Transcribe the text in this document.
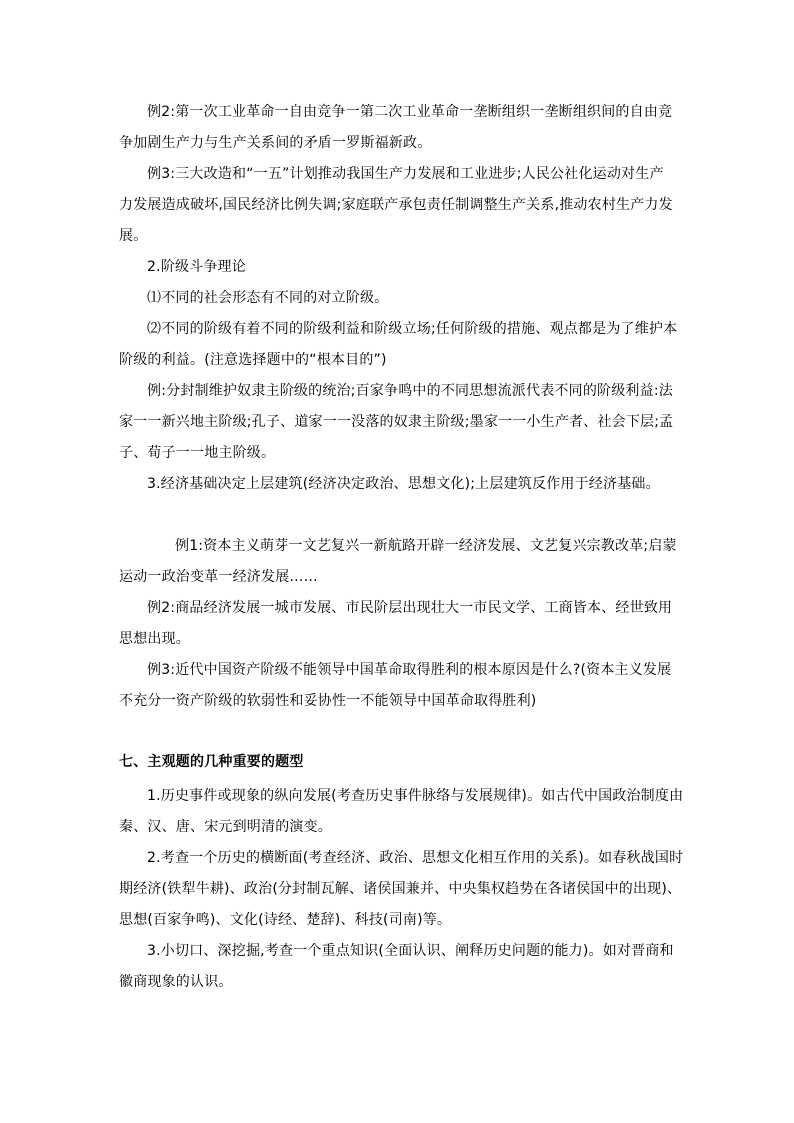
例2:第一次工业革命一自由竞争一第二次工业革命一垄断组织一垄断组织间的自由竞
争加剧生产力与生产关系间的矛盾一罗斯福新政。
例3:三大改造和“一五”计划推动我国生产力发展和工业进步;人民公社化运动对生产
力发展造成破坏,国民经济比例失调;家庭联产承包责任制调整生产关系,推动农村生产力发
展。
2.阶级斗争理论
⑴不同的社会形态有不同的对立阶级。
⑵不同的阶级有着不同的阶级利益和阶级立场;任何阶级的措施、观点都是为了维护本
阶级的利益。(注意选择题中的“根本目的”)
例:分封制维护奴隶主阶级的统治;百家争鸣中的不同思想流派代表不同的阶级利益:法
家一一新兴地主阶级;孔子、道家一一没落的奴隶主阶级;墨家一一小生产者、社会下层;孟
子、荀子一一地主阶级。
3.经济基础决定上层建筑(经济决定政治、思想文化);上层建筑反作用于经济基础。
例1:资本主义萌芽一文艺复兴一新航路开辟一经济发展、文艺复兴宗教改革;启蒙
运动一政治变革一经济发展……
例2:商品经济发展一城市发展、市民阶层出现壮大一市民文学、工商皆本、经世致用
思想出现。
例3:近代中国资产阶级不能领导中国革命取得胜利的根本原因是什么?(资本主义发展
不充分一资产阶级的软弱性和妥协性一不能领导中国革命取得胜利)
七、主观题的几种重要的题型
1.历史事件或现象的纵向发展(考查历史事件脉络与发展规律)。如古代中国政治制度由
秦、汉、唐、宋元到明清的演变。
2.考查一个历史的横断面(考查经济、政治、思想文化相互作用的关系)。如春秋战国时
期经济(铁犁牛耕)、政治(分封制瓦解、诸侯国兼并、中央集权趋势在各诸侯国中的出现)、
思想(百家争鸣)、文化(诗经、楚辞)、科技(司南)等。
3.小切口、深挖掘,考查一个重点知识(全面认识、阐释历史问题的能力)。如对晋商和
徽商现象的认识。
